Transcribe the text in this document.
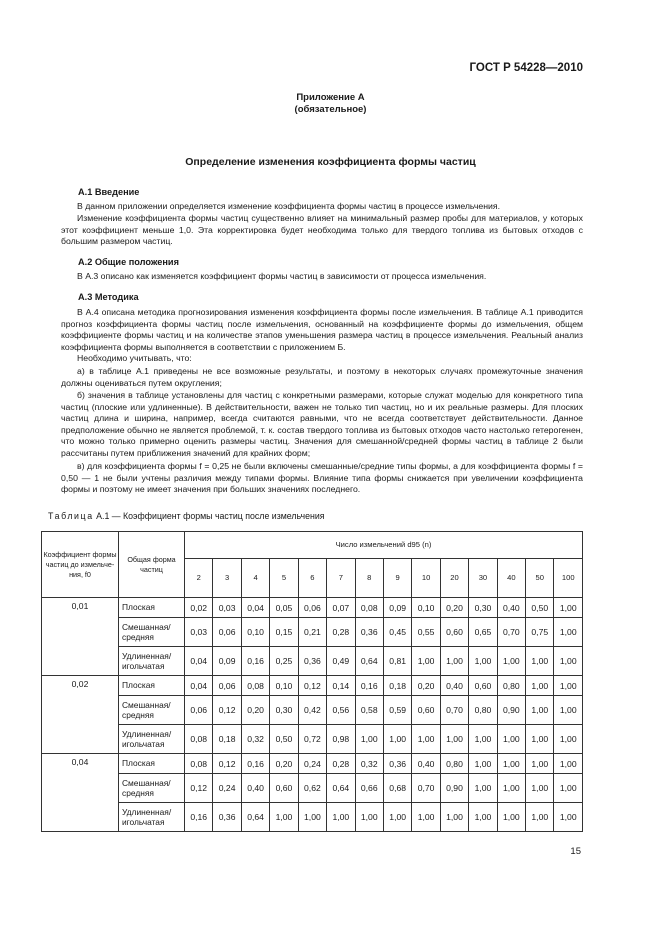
ГОСТ Р 54228—2010
Приложение А
(обязательное)
Определение изменения коэффициента формы частиц
А.1 Введение

В данном приложении определяется изменение коэффициента формы частиц в процессе измельчения.

Изменение коэффициента формы частиц существенно влияет на минимальный размер пробы для материалов, у которых этот коэффициент меньше 1,0. Эта корректировка будет необходима только для твердого топлива из бытовых отходов с большим размером частиц.

А.2 Общие положения

В А.3 описано как изменяется коэффициент формы частиц в зависимости от процесса измельчения.

А.3 Методика

В А.4 описана методика прогнозирования изменения коэффициента формы после измельчения. В таблице А.1 приводится прогноз коэффициента формы частиц после измельчения, основанный на коэффициенте формы до измельчения, общем коэффициенте формы частиц и на количестве этапов уменьшения размера частиц в процессе измельчения. Реальный анализ коэффициента формы выполняется в соответствии с приложением Б.

Необходимо учитывать, что:

а) в таблице А.1 приведены не все возможные результаты, и поэтому в некоторых случаях промежуточные значения должны оцениваться путем округления;

б) значения в таблице установлены для частиц с конкретными размерами, которые служат моделью для конкретного типа частиц (плоские или удлиненные). В действительности, важен не только тип частиц, но и их реальные размеры. Для плоских частиц длина и ширина, например, всегда считаются равными, что не всегда соответствует действительности. Данное предположение обычно не является проблемой, т. к. состав твердого топлива из бытовых отходов часто настолько гетерогенен, что можно только примерно оценить размеры частиц. Значения для смешанной/средней формы частиц в таблице 2 были рассчитаны путем приближения значений для крайних форм;

в) для коэффициента формы f = 0,25 не были включены смешанные/средние типы формы, а для коэффициента формы f = 0,50 — 1 не были учтены различия между типами формы. Влияние типа формы снижается при увеличении коэффициента формы и поэтому не имеет значения при больших значениях последнего.

Таблица А.1 — Коэффициент формы частиц после измельчения
Коэффициент формы частиц до измельче- ния, f0	Общая форма частиц	Число измельчений d95 (n)													
		2	3	4	5	6	7	8	9	10	20	30	40	50	100
0,01	Плоская	0,02	0,03	0,04	0,05	0,06	0,07	0,08	0,09	0,10	0,20	0,30	0,40	0,50	1,00
	Смешанная/ средняя	0,03	0,06	0,10	0,15	0,21	0,28	0,36	0,45	0,55	0,60	0,65	0,70	0,75	1,00
	Удлиненная/ игольчатая	0,04	0,09	0,16	0,25	0,36	0,49	0,64	0,81	1,00	1,00	1,00	1,00	1,00	1,00
0,02	Плоская	0,04	0,06	0,08	0,10	0,12	0,14	0,16	0,18	0,20	0,40	0,60	0,80	1,00	1,00
	Смешанная/ средняя	0,06	0,12	0,20	0,30	0,42	0,56	0,58	0,59	0,60	0,70	0,80	0,90	1,00	1,00
	Удлиненная/ игольчатая	0,08	0,18	0,32	0,50	0,72	0,98	1,00	1,00	1,00	1,00	1,00	1,00	1,00	1,00
0,04	Плоская	0,08	0,12	0,16	0,20	0,24	0,28	0,32	0,36	0,40	0,80	1,00	1,00	1,00	1,00
	Смешанная/ средняя	0,12	0,24	0,40	0,60	0,62	0,64	0,66	0,68	0,70	0,90	1,00	1,00	1,00	1,00
	Удлиненная/ игольчатая	0,16	0,36	0,64	1,00	1,00	1,00	1,00	1,00	1,00	1,00	1,00	1,00	1,00	1,00
15
